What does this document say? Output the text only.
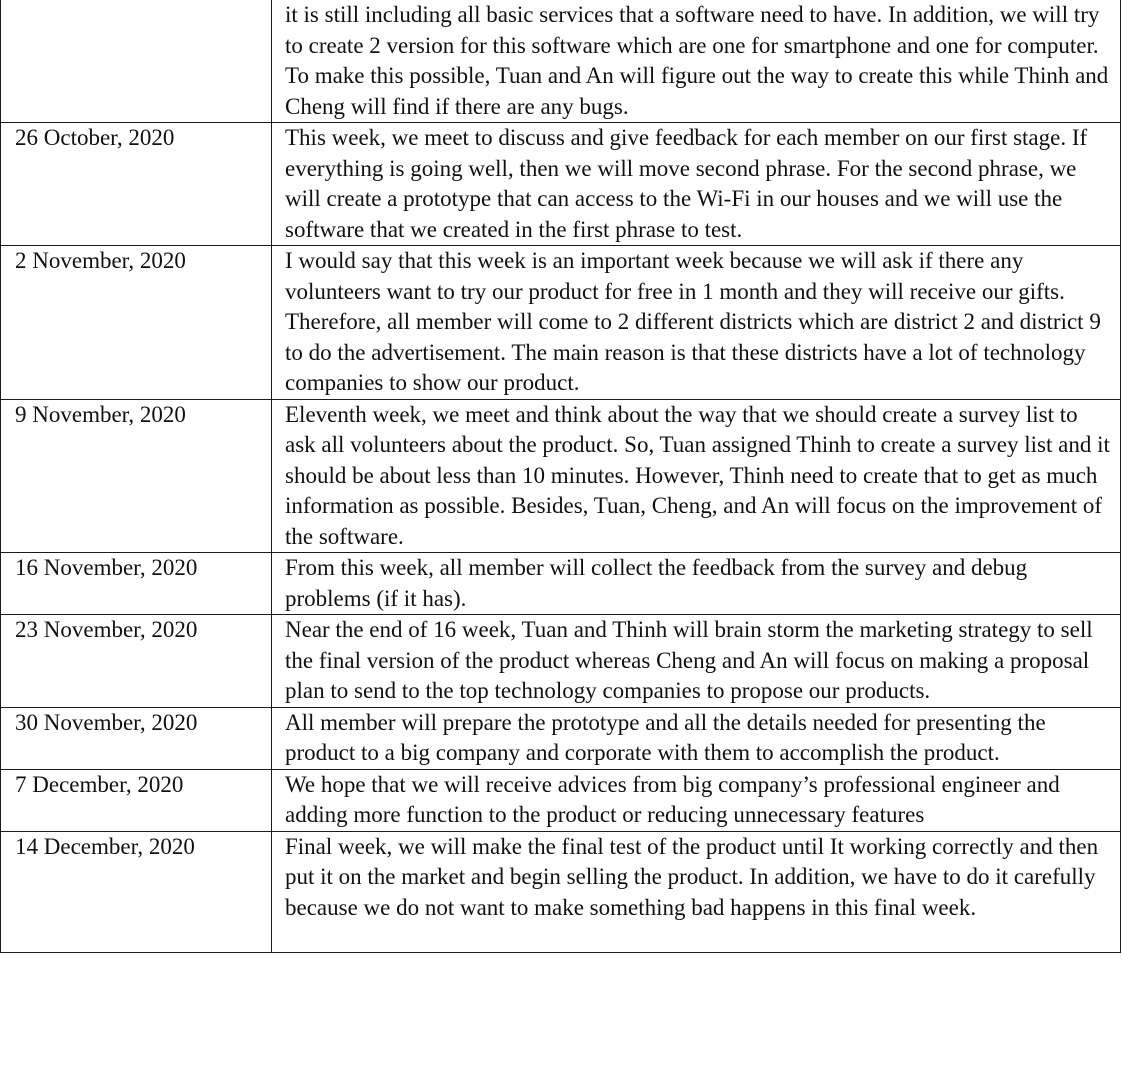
	it is still including all basic services that a software need to have. In addition, we will try to create 2 version for this software which are one for smartphone and one for computer. To make this possible, Tuan and An will figure out the way to create this while Thinh and Cheng will find if there are any bugs.
26 October, 2020	This week, we meet to discuss and give feedback for each member on our first stage. If everything is going well, then we will move second phrase. For the second phrase, we will create a prototype that can access to the Wi-Fi in our houses and we will use the software that we created in the first phrase to test.
2 November, 2020	I would say that this week is an important week because we will ask if there any volunteers want to try our product for free in 1 month and they will receive our gifts. Therefore, all member will come to 2 different districts which are district 2 and district 9 to do the advertisement. The main reason is that these districts have a lot of technology companies to show our product.
9 November, 2020	Eleventh week, we meet and think about the way that we should create a survey list to ask all volunteers about the product. So, Tuan assigned Thinh to create a survey list and it should be about less than 10 minutes. However, Thinh need to create that to get as much information as possible. Besides, Tuan, Cheng, and An will focus on the improvement of the software.
16 November, 2020	From this week, all member will collect the feedback from the survey and debug problems (if it has).
23 November, 2020	Near the end of 16 week, Tuan and Thinh will brain storm the marketing strategy to sell the final version of the product whereas Cheng and An will focus on making a proposal plan to send to the top technology companies to propose our products.
30 November, 2020	All member will prepare the prototype and all the details needed for presenting the product to a big company and corporate with them to accomplish the product.
7 December, 2020	We hope that we will receive advices from big company’s professional engineer and adding more function to the product or reducing unnecessary features
14 December, 2020	Final week, we will make the final test of the product until It working correctly and then put it on the market and begin selling the product. In addition, we have to do it carefully because we do not want to make something bad happens in this final week.
